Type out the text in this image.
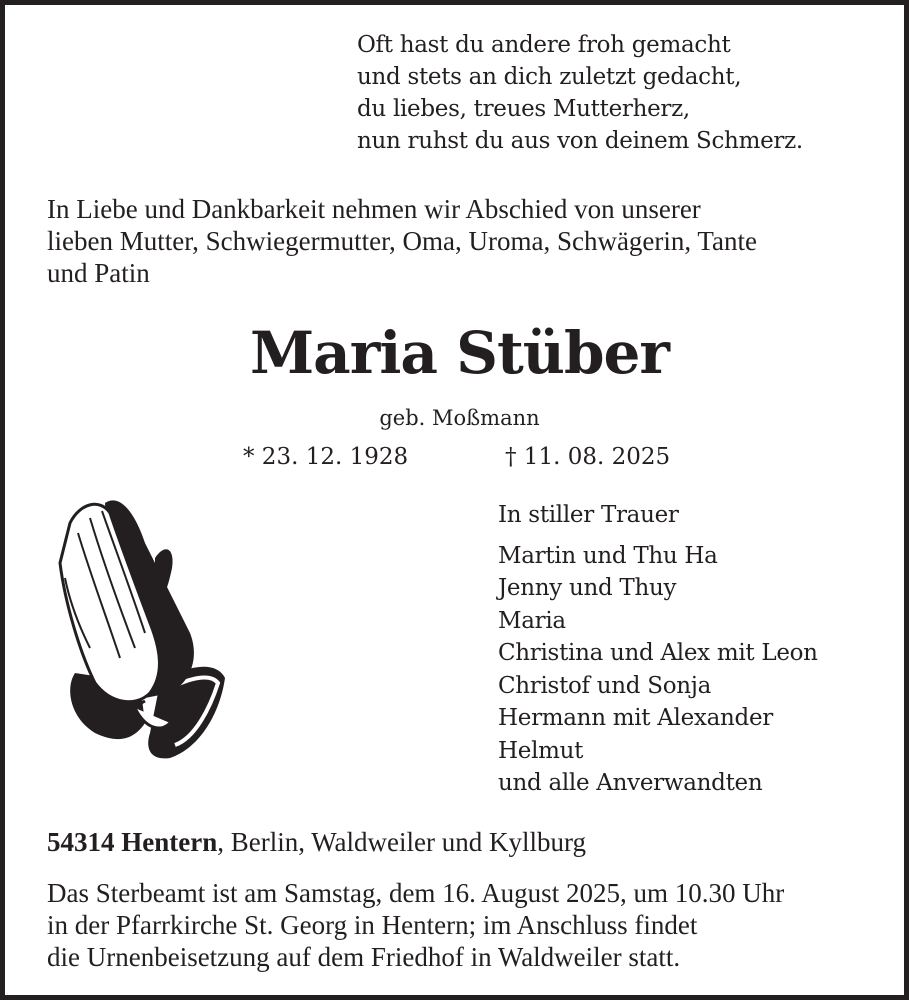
Oft hast du andere froh gemacht
und stets an dich zuletzt gedacht,
du liebes, treues Mutterherz,
nun ruhst du aus von deinem Schmerz.
In Liebe und Dankbarkeit nehmen wir Abschied von unserer
lieben Mutter, Schwiegermutter, Oma, Uroma, Schwägerin, Tante
und Patin
Maria Stüber
geb. Moßmann
* 23. 12. 1928	† 11. 08. 2025
In stiller Trauer
Martin und Thu Ha
Jenny und Thuy
Maria
Christina und Alex mit Leon
Christof und Sonja
Hermann mit Alexander
Helmut
und alle Anverwandten
54314 Hentern, Berlin, Waldweiler und Kyllburg
Das Sterbeamt ist am Samstag, dem 16. August 2025, um 10.30 Uhr
in der Pfarrkirche St. Georg in Hentern; im Anschluss findet
die Urnenbeisetzung auf dem Friedhof in Waldweiler statt.
